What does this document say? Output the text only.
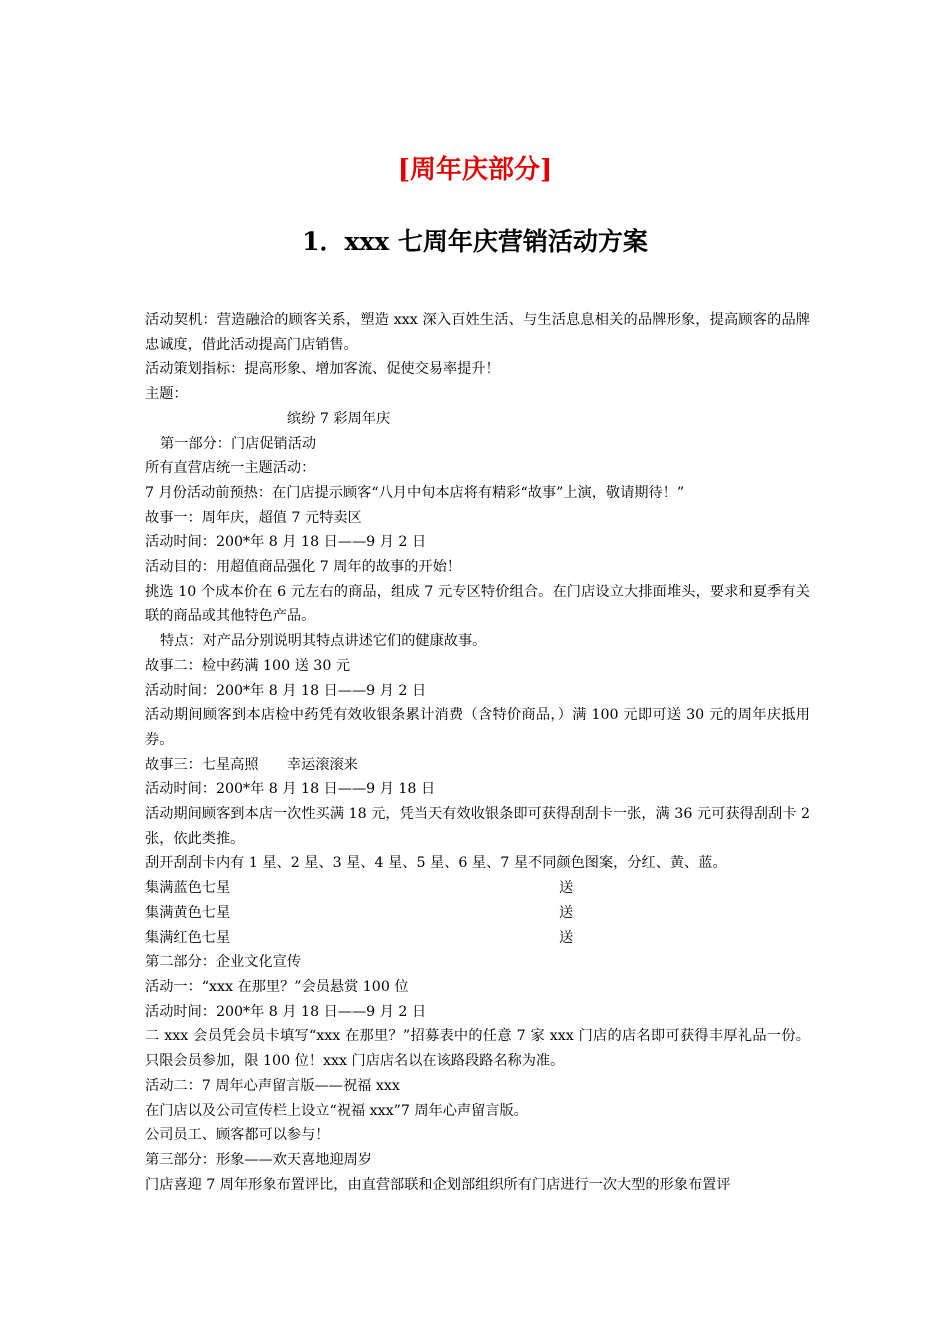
[周年庆部分]
1．xxx 七周年庆营销活动方案

活动契机：营造融洽的顾客关系，塑造 xxx 深入百姓生活、与生活息息相关的品牌形象，提高顾客的品牌忠诚度，借此活动提高门店销售。

活动策划指标：提高形象、增加客流、促使交易率提升！

主题：

缤纷 7 彩周年庆

第一部分：门店促销活动

所有直营店统一主题活动：

7 月份活动前预热：在门店提示顾客“八月中旬本店将有精彩“故事”上演，敬请期待！”

故事一：周年庆，超值 7 元特卖区

活动时间：200*年 8 月 18 日——9 月 2 日

活动目的：用超值商品强化 7 周年的故事的开始！

挑选 10 个成本价在 6 元左右的商品，组成 7 元专区特价组合。在门店设立大排面堆头，要求和夏季有关联的商品或其他特色产品。

特点：对产品分别说明其特点讲述它们的健康故事。

故事二：检中药满 100 送 30 元

活动时间：200*年 8 月 18 日——9 月 2 日

活动期间顾客到本店检中药凭有效收银条累计消费（含特价商品，）满 100 元即可送 30 元的周年庆抵用券。

故事三：七星高照　　幸运滚滚来

活动时间：200*年 8 月 18 日——9 月 18 日

活动期间顾客到本店一次性买满 18 元，凭当天有效收银条即可获得刮刮卡一张，满 36 元可获得刮刮卡 2 张，依此类推。

刮开刮刮卡内有 1 星、2 星、3 星、4 星、5 星、6 星、7 星不同颜色图案，分红、黄、蓝。

集满蓝色七星	送
集满黄色七星	送
集满红色七星	送

第二部分：企业文化宣传

活动一：“xxx 在那里？”会员悬赏 100 位

活动时间：200*年 8 月 18 日——9 月 2 日

二 xxx 会员凭会员卡填写“xxx 在那里？”招募表中的任意 7 家 xxx 门店的店名即可获得丰厚礼品一份。只限会员参加，限 100 位！xxx 门店店名以在该路段路名称为准。

活动二：7 周年心声留言版——祝福 xxx

在门店以及公司宣传栏上设立“祝福 xxx”7 周年心声留言版。

公司员工、顾客都可以参与！

第三部分：形象——欢天喜地迎周岁

门店喜迎 7 周年形象布置评比，由直营部联和企划部组织所有门店进行一次大型的形象布置评
